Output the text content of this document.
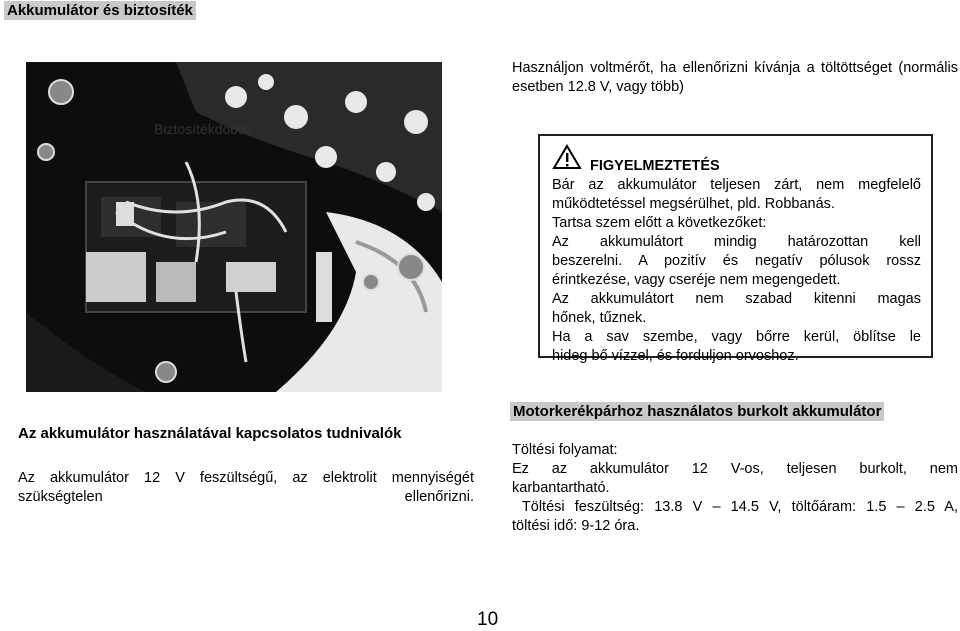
Akkumulátor és biztosíték
Biztosítékdoboz
Használjon voltmérőt, ha ellenőrizni kívánja a töltöttséget (normális esetben 12.8 V, vagy több)
FIGYELMEZTETÉS
Bár az akkumulátor teljesen zárt, nem megfelelő
működtetéssel megsérülhet, pld. Robbanás.
Tartsa szem előtt a következőket:
Az akkumulátort mindig határozottan kell
beszerelni. A pozitív és negatív pólusok rossz
érintkezése, vagy cseréje nem megengedett.
Az akkumulátort nem szabad kitenni magas
hőnek, tűznek.
Ha a sav szembe, vagy bőrre kerül, öblítse le
hideg bő vízzel, és forduljon orvoshoz.
Az akkumulátor használatával kapcsolatos tudnivalók
Az akkumulátor 12 V feszültségű, az elektrolit mennyiségét
szükségtelen	ellenőrizni.
Motorkerékpárhoz használatos burkolt akkumulátor
Töltési folyamat:
Ez az akkumulátor 12 V-os, teljesen burkolt, nem
karbantartható.
Töltési feszültség: 13.8 V – 14.5 V, töltőáram: 1.5 – 2.5 A,
töltési idő: 9-12 óra.
10
